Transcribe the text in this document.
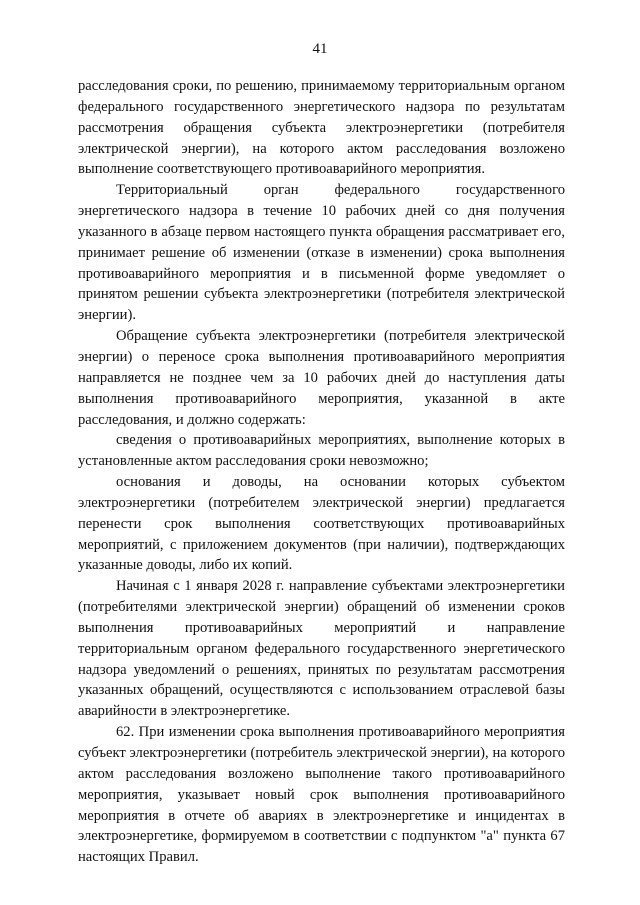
41

расследования сроки, по решению, принимаемому территориальным органом федерального государственного энергетического надзора по результатам рассмотрения обращения субъекта электроэнергетики (потребителя электрической энергии), на которого актом расследования возложено выполнение соответствующего противоаварийного мероприятия.

Территориальный орган федерального государственного энергетического надзора в течение 10 рабочих дней со дня получения указанного в абзаце первом настоящего пункта обращения рассматривает его, принимает решение об изменении (отказе в изменении) срока выполнения противоаварийного мероприятия и в письменной форме уведомляет о принятом решении субъекта электроэнергетики (потребителя электрической энергии).

Обращение субъекта электроэнергетики (потребителя электрической энергии) о переносе срока выполнения противоаварийного мероприятия направляется не позднее чем за 10 рабочих дней до наступления даты выполнения противоаварийного мероприятия, указанной в акте расследования, и должно содержать:

сведения о противоаварийных мероприятиях, выполнение которых в установленные актом расследования сроки невозможно;

основания и доводы, на основании которых субъектом электроэнергетики (потребителем электрической энергии) предлагается перенести срок выполнения соответствующих противоаварийных мероприятий, с приложением документов (при наличии), подтверждающих указанные доводы, либо их копий.

Начиная с 1 января 2028 г. направление субъектами электроэнергетики (потребителями электрической энергии) обращений об изменении сроков выполнения противоаварийных мероприятий и направление территориальным органом федерального государственного энергетического надзора уведомлений о решениях, принятых по результатам рассмотрения указанных обращений, осуществляются с использованием отраслевой базы аварийности в электроэнергетике.

62. При изменении срока выполнения противоаварийного мероприятия субъект электроэнергетики (потребитель электрической энергии), на которого актом расследования возложено выполнение такого противоаварийного мероприятия, указывает новый срок выполнения противоаварийного мероприятия в отчете об авариях в электроэнергетике и инцидентах в электроэнергетике, формируемом в соответствии с подпунктом "а" пункта 67 настоящих Правил.
